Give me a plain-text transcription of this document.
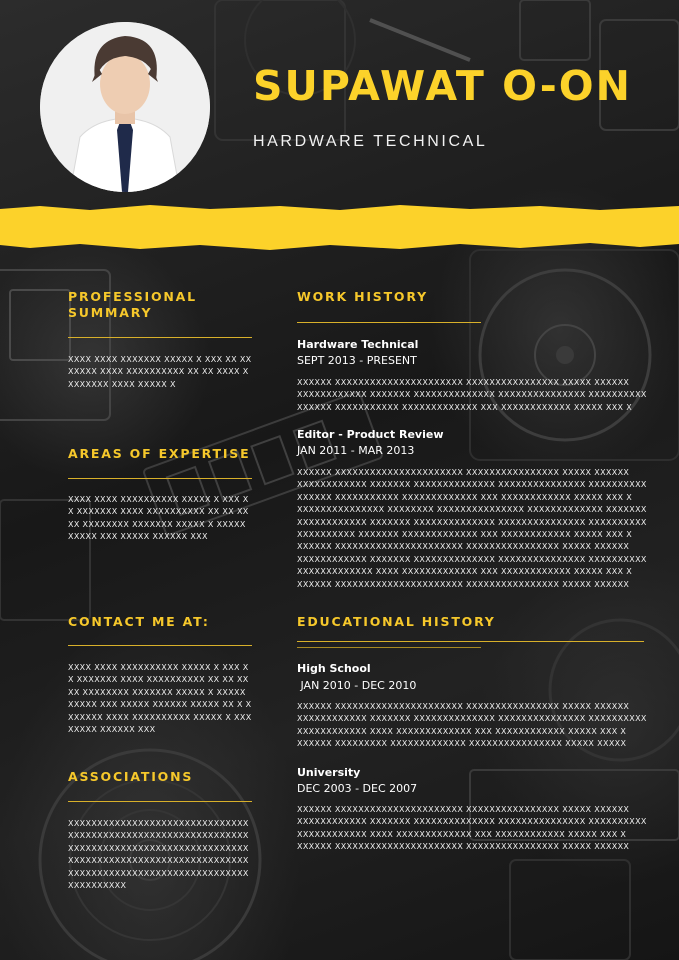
SUPAWAT O-ON
HARDWARE TECHNICAL
PROFESSIONAL SUMMARY
XXXX XXXX XXXXXXX XXXXX X XXX XX XXXXXXX XXXX XXXXXXXXXX XX XX XXXX XXXXXXXX XXXX XXXXX X
AREAS OF EXPERTISE
XXXX XXXX XXXXXXXXXX XXXXX X XXX XX XXXXXXX XXXX XXXXXXXXXX XX XX XXXX XXXXXXXX XXXXXXX XXXXX X XXXXX XXXXX XXX XXXXX XXXXXX XXX
CONTACT ME AT:
XXXX XXXX XXXXXXXXXX XXXXX X XXX XX XXXXXXX XXXX XXXXXXXXXX XX XX XXXX XXXXXXXX XXXXXXX XXXXX X XXXXX XXXXX XXX XXXXX XXXXXX XXXXX XX X XXXXXXX XXXX XXXXXXXXXX XXXXX X XXX XXXXX XXXXXX XXX
ASSOCIATIONS
XXXXXXXXXXXXXXXXXXXXXXXXXXXXXXXXXXXXXXXXXXXXXXXXXXXXXXXXXXXXXXXXXXXXXXXXXXXXXXXXXXXXXXXXXXXXXXXXXXXXXXXXXXXXXXXXXXXXXXXXXXXXXXXXXXXXXXXXXXXXXXXXXXXXXXXXXXXXXXXXXXXXX
WORK HISTORY
Hardware Technical
SEPT 2013 - PRESENT
XXXXXX XXXXXXXXXXXXXXXXXXXXXX XXXXXXXXXXXXXXXX XXXXX XXXXXX
XXXXXXXXXXXX XXXXXXX XXXXXXXXXXXXXX XXXXXXXXXXXXXXX XXXXXXXXXX
XXXXXX XXXXXXXXXXX XXXXXXXXXXXXX XXX XXXXXXXXXXXX XXXXX XXX X
Editor - Product Review
JAN 2011 - MAR 2013
XXXXXX XXXXXXXXXXXXXXXXXXXXXX XXXXXXXXXXXXXXXX XXXXX XXXXXX
XXXXXXXXXXXX XXXXXXX XXXXXXXXXXXXXX XXXXXXXXXXXXXXX XXXXXXXXXX
XXXXXX XXXXXXXXXXX XXXXXXXXXXXXX XXX XXXXXXXXXXXX XXXXX XXX X
XXXXXXXXXXXXXXX XXXXXXXX XXXXXXXXXXXXXXX XXXXXXXXXXXXX XXXXXXX
XXXXXXXXXXXX XXXXXXX XXXXXXXXXXXXXX XXXXXXXXXXXXXXX XXXXXXXXXX
XXXXXXXXXX XXXXXXX XXXXXXXXXXXXX XXX XXXXXXXXXXXX XXXXX XXX X
XXXXXX XXXXXXXXXXXXXXXXXXXXXX XXXXXXXXXXXXXXXX XXXXX XXXXXX
XXXXXXXXXXXX XXXXXXX XXXXXXXXXXXXXX XXXXXXXXXXXXXXX XXXXXXXXXX
XXXXXXXXXXXXX XXXX XXXXXXXXXXXXX XXX XXXXXXXXXXXX XXXXX XXX X
XXXXXX XXXXXXXXXXXXXXXXXXXXXX XXXXXXXXXXXXXXXX XXXXX XXXXXX
EDUCATIONAL HISTORY
High School
JAN 2010 - DEC 2010
XXXXXX XXXXXXXXXXXXXXXXXXXXXX XXXXXXXXXXXXXXXX XXXXX XXXXXX
XXXXXXXXXXXX XXXXXXX XXXXXXXXXXXXXX XXXXXXXXXXXXXXX XXXXXXXXXX
XXXXXXXXXXXX XXXX XXXXXXXXXXXXX XXX XXXXXXXXXXXX XXXXX XXX X
XXXXXX XXXXXXXXX XXXXXXXXXXXXX XXXXXXXXXXXXXXXX XXXXX XXXXX
University
DEC 2003 - DEC 2007
XXXXXX XXXXXXXXXXXXXXXXXXXXXX XXXXXXXXXXXXXXXX XXXXX XXXXXX
XXXXXXXXXXXX XXXXXXX XXXXXXXXXXXXXX XXXXXXXXXXXXXXX XXXXXXXXXX
XXXXXXXXXXXX XXXX XXXXXXXXXXXXX XXX XXXXXXXXXXXX XXXXX XXX X
XXXXXX XXXXXXXXXXXXXXXXXXXXXX XXXXXXXXXXXXXXXX XXXXX XXXXXX
